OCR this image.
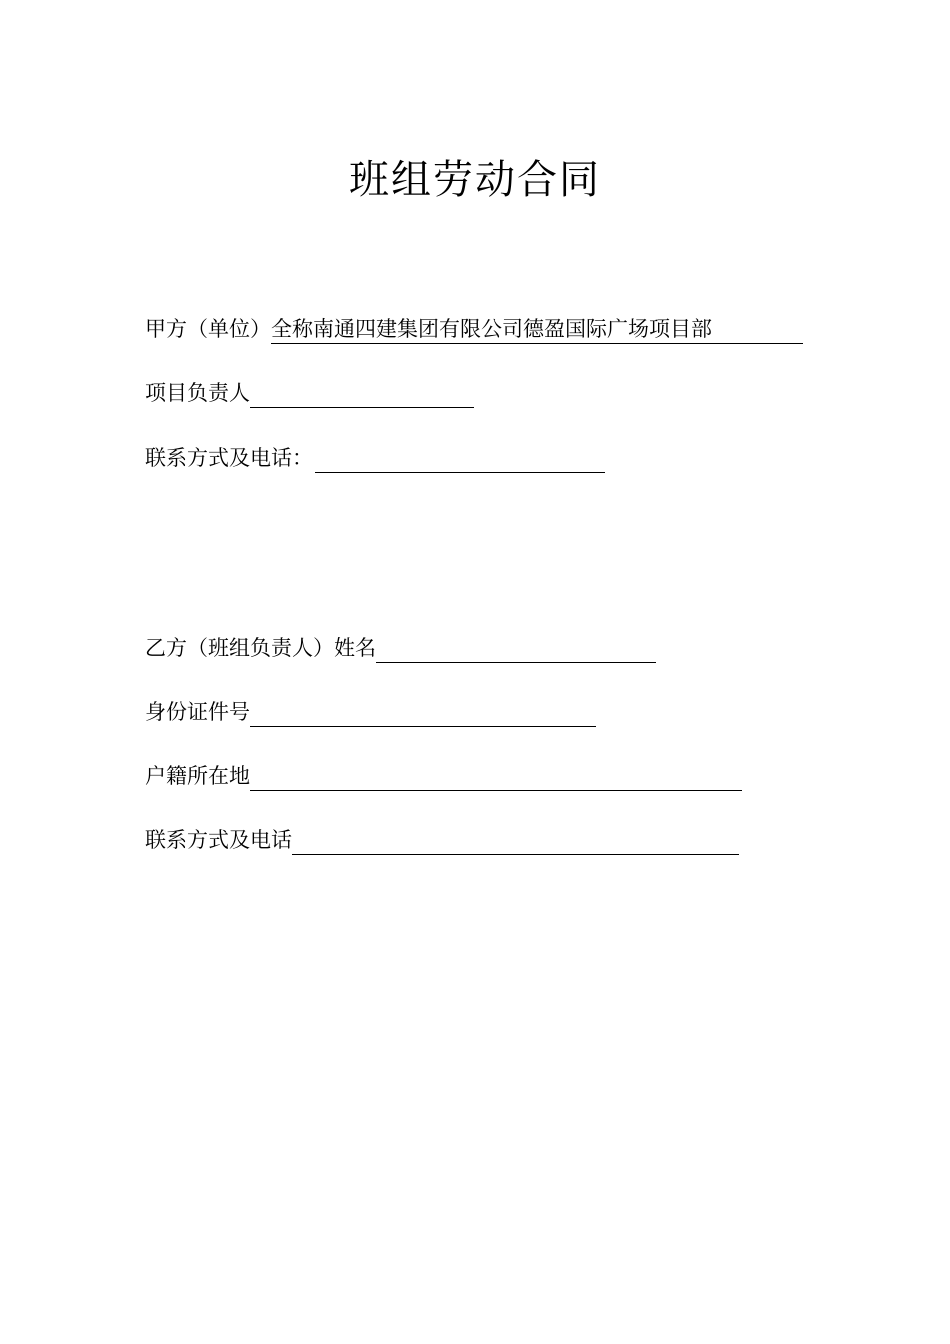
班组劳动合同
甲方（单位） 全称南通四建集团有限公司德盈国际广场项目部
项目负责人
联系方式及电话：
乙方（班组负责人）姓名
身份证件号
户籍所在地
联系方式及电话
